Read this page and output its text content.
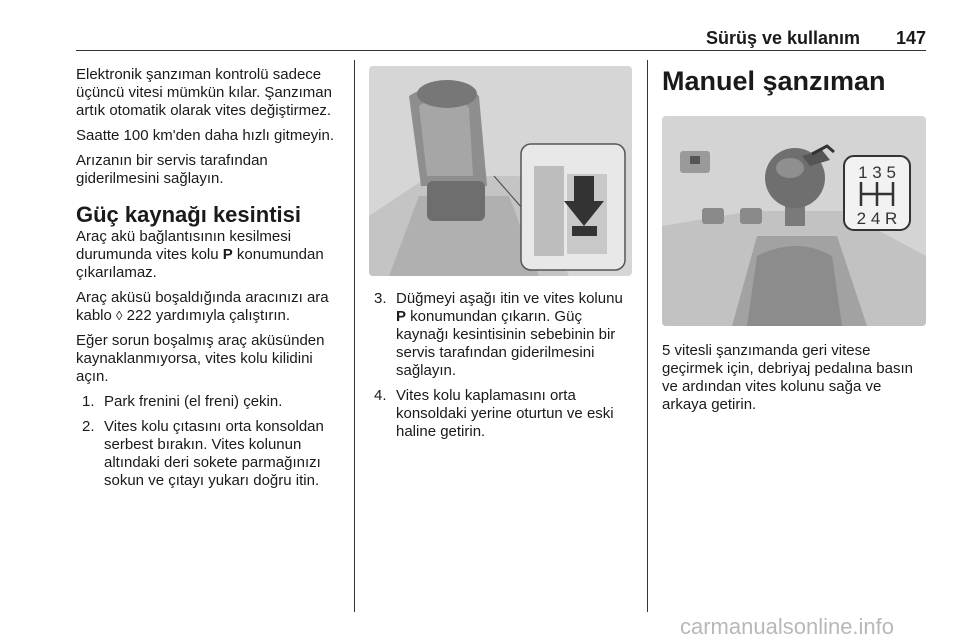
Sürüş ve kullanım	147

Elektronik şanzıman kontrolü sadece üçüncü vitesi mümkün kılar. Şanzıman artık otomatik olarak vites değiştirmez.

Saatte 100 km'den daha hızlı gitmeyin.

Arızanın bir servis tarafından giderilmesini sağlayın.

Güç kaynağı kesintisi

Araç akü bağlantısının kesilmesi durumunda vites kolu P konumundan çıkarılamaz.

Araç aküsü boşaldığında aracınızı ara kablo ◊ 222 yardımıyla çalıştırın.

Eğer sorun boşalmış araç aküsünden kaynaklanmıyorsa, vites kolu kilidini açın.

1. Park frenini (el freni) çekin.
2. Vites kolu çıtasını orta konsoldan serbest bırakın. Vites kolunun altındaki deri sokete parmağınızı sokun ve çıtayı yukarı doğru itin.
3. Düğmeyi aşağı itin ve vites kolunu P konumundan çıkarın. Güç kaynağı kesintisinin sebebinin bir servis tarafından giderilmesini sağlayın.
4. Vites kolu kaplamasını orta konsoldaki yerine oturtun ve eski haline getirin.
Manuel şanzıman
1 3 5
2 4 R

5 vitesli şanzımanda geri vitese geçirmek için, debriyaj pedalına basın ve ardından vites kolunu sağa ve arkaya getirin.

carmanualsonline.info
